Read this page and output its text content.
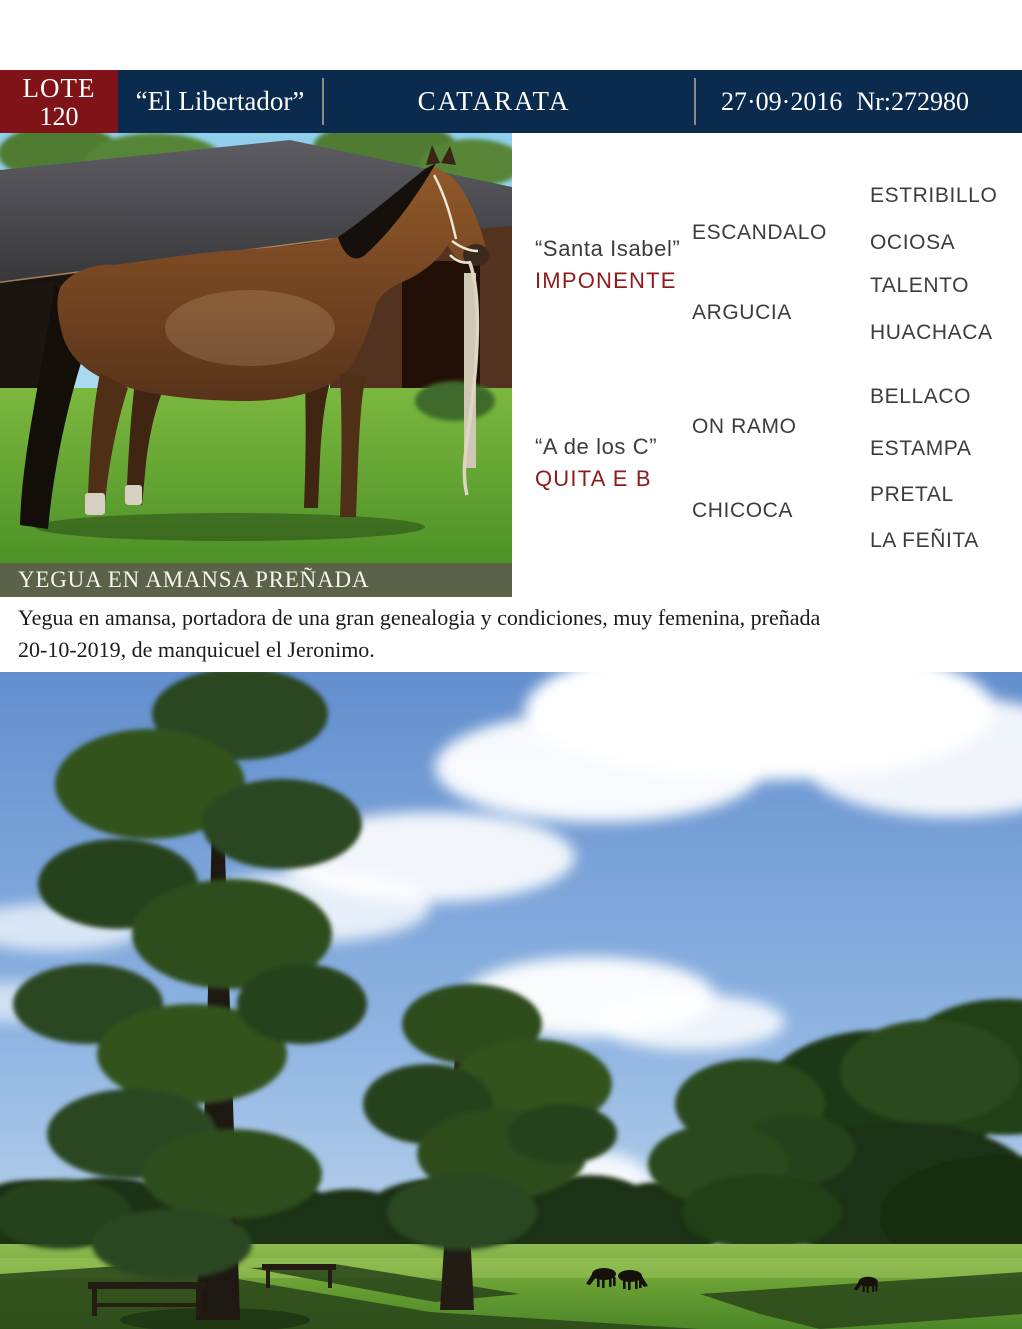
LOTE
120
“El Libertador”	CATARATA	27·09·2016 Nr:272980
“Santa Isabel”
IMPONENTE
“A de los C”
QUITA E B
ESCANDALO
ARGUCIA
ON RAMO
CHICOCA
ESTRIBILLO
OCIOSA
TALENTO
HUACHACA
BELLACO
ESTAMPA
PRETAL
LA FEÑITA
YEGUA EN AMANSA PREÑADA
Yegua en amansa, portadora de una gran genealogia y condiciones, muy femenina, preñada
20-10-2019, de manquicuel el Jeronimo.
